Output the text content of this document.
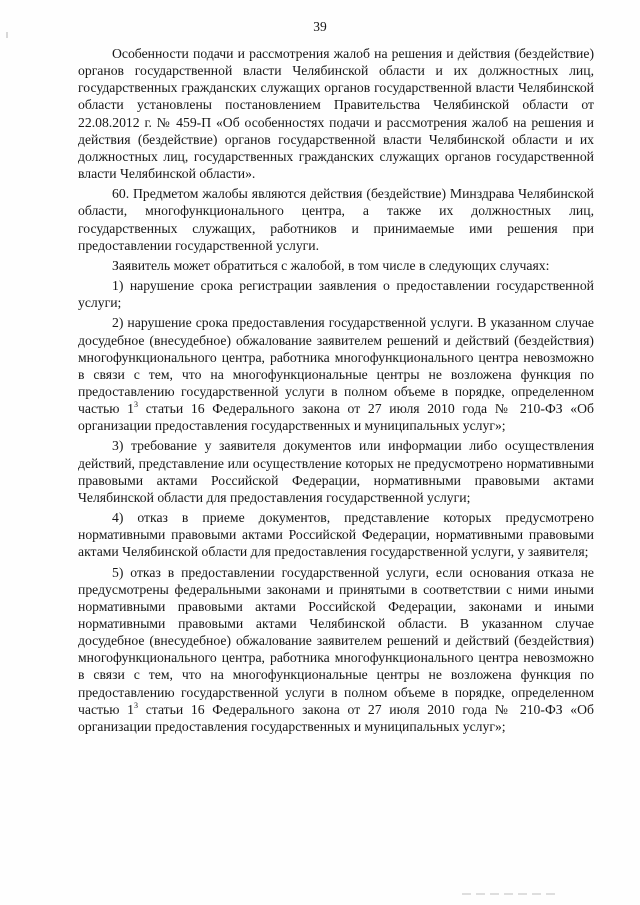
39

Особенности подачи и рассмотрения жалоб на решения и действия (бездействие) органов государственной власти Челябинской области и их должностных лиц, государственных гражданских служащих органов государственной власти Челябинской области установлены постановлением Правительства Челябинской области от 22.08.2012 г. № 459-П «Об особенностях подачи и рассмотрения жалоб на решения и действия (бездействие) органов государственной власти Челябинской области и их должностных лиц, государственных гражданских служащих органов государственной власти Челябинской области».

60. Предметом жалобы являются действия (бездействие) Минздрава Челябинской области, многофункционального центра, а также их должностных лиц, государственных служащих, работников и принимаемые ими решения при предоставлении государственной услуги.

Заявитель может обратиться с жалобой, в том числе в следующих случаях:

1) нарушение срока регистрации заявления о предоставлении государственной услуги;

2) нарушение срока предоставления государственной услуги. В указанном случае досудебное (внесудебное) обжалование заявителем решений и действий (бездействия) многофункционального центра, работника многофункционального центра невозможно в связи с тем, что на многофункциональные центры не возложена функция по предоставлению государственной услуги в полном объеме в порядке, определенном частью $1^3$ статьи 16 Федерального закона от 27 июля 2010 года № 210-ФЗ «Об организации предоставления государственных и муниципальных услуг»;

3) требование у заявителя документов или информации либо осуществления действий, представление или осуществление которых не предусмотрено нормативными правовыми актами Российской Федерации, нормативными правовыми актами Челябинской области для предоставления государственной услуги;

4) отказ в приеме документов, представление которых предусмотрено нормативными правовыми актами Российской Федерации, нормативными правовыми актами Челябинской области для предоставления государственной услуги, у заявителя;

5) отказ в предоставлении государственной услуги, если основания отказа не предусмотрены федеральными законами и принятыми в соответствии с ними иными нормативными правовыми актами Российской Федерации, законами и иными нормативными правовыми актами Челябинской области. В указанном случае досудебное (внесудебное) обжалование заявителем решений и действий (бездействия) многофункционального центра, работника многофункционального центра невозможно в связи с тем, что на многофункциональные центры не возложена функция по предоставлению государственной услуги в полном объеме в порядке, определенном частью $1^3$ статьи 16 Федерального закона от 27 июля 2010 года № 210-ФЗ «Об организации предоставления государственных и муниципальных услуг»;
